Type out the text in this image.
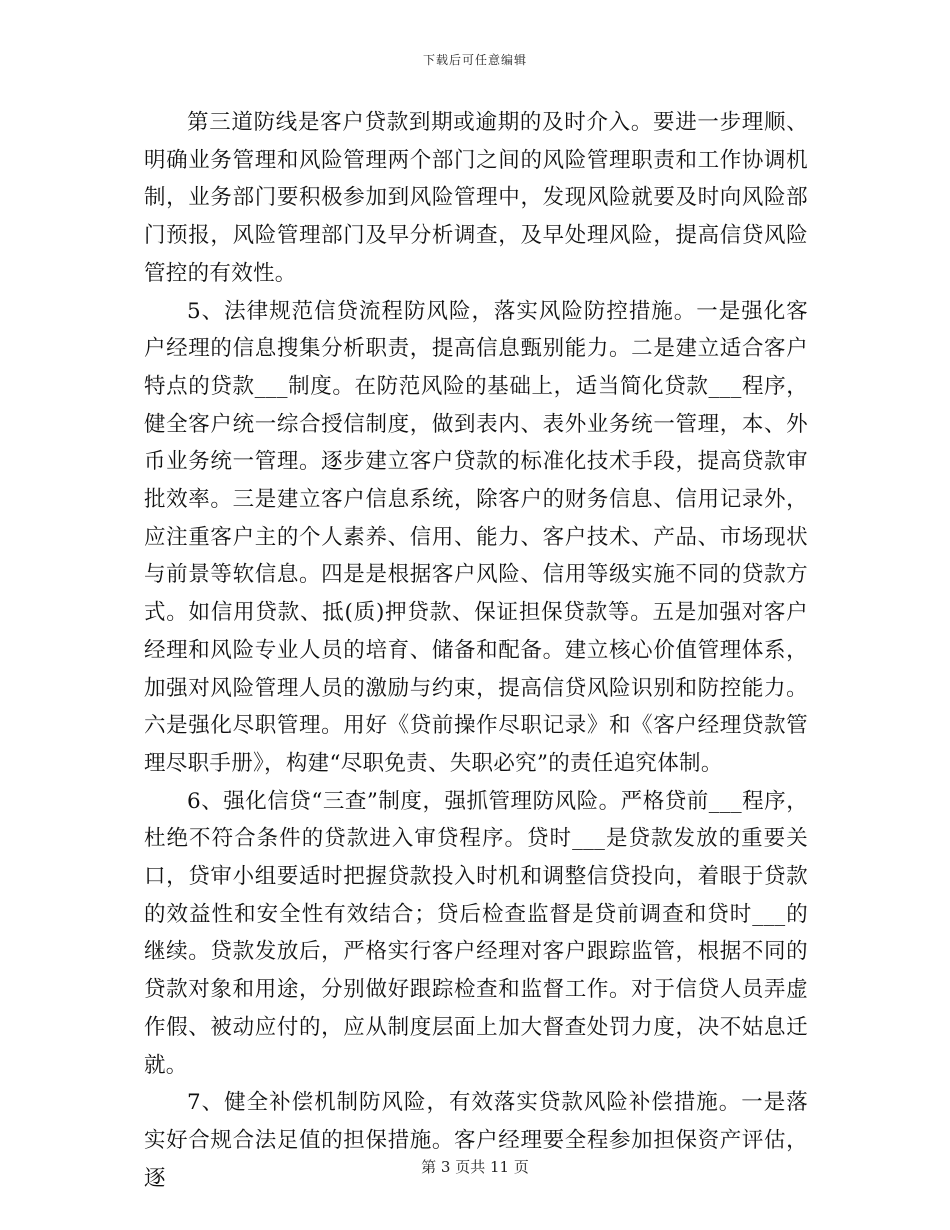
下载后可任意编辑

第三道防线是客户贷款到期或逾期的及时介入。要进一步理顺、明确业务管理和风险管理两个部门之间的风险管理职责和工作协调机制，业务部门要积极参加到风险管理中，发现风险就要及时向风险部门预报，风险管理部门及早分析调查，及早处理风险，提高信贷风险管控的有效性。

5、法律规范信贷流程防风险，落实风险防控措施。一是强化客户经理的信息搜集分析职责，提高信息甄别能力。二是建立适合客户特点的贷款___制度。在防范风险的基础上，适当简化贷款___程序，健全客户统一综合授信制度，做到表内、表外业务统一管理，本、外币业务统一管理。逐步建立客户贷款的标准化技术手段，提高贷款审批效率。三是建立客户信息系统，除客户的财务信息、信用记录外，应注重客户主的个人素养、信用、能力、客户技术、产品、市场现状与前景等软信息。四是是根据客户风险、信用等级实施不同的贷款方式。如信用贷款、抵(质)押贷款、保证担保贷款等。五是加强对客户经理和风险专业人员的培育、储备和配备。建立核心价值管理体系，加强对风险管理人员的激励与约束，提高信贷风险识别和防控能力。六是强化尽职管理。用好《贷前操作尽职记录》和《客户经理贷款管理尽职手册》，构建“尽职免责、失职必究”的责任追究体制。

6、强化信贷“三查”制度，强抓管理防风险。严格贷前___程序，杜绝不符合条件的贷款进入审贷程序。贷时___是贷款发放的重要关口，贷审小组要适时把握贷款投入时机和调整信贷投向，着眼于贷款的效益性和安全性有效结合；贷后检查监督是贷前调查和贷时___的继续。贷款发放后，严格实行客户经理对客户跟踪监管，根据不同的贷款对象和用途，分别做好跟踪检查和监督工作。对于信贷人员弄虚作假、被动应付的，应从制度层面上加大督查处罚力度，决不姑息迁就。

7、健全补偿机制防风险，有效落实贷款风险补偿措施。一是落实好合规合法足值的担保措施。客户经理要全程参加担保资产评估，逐	第 3 页共 11 页
